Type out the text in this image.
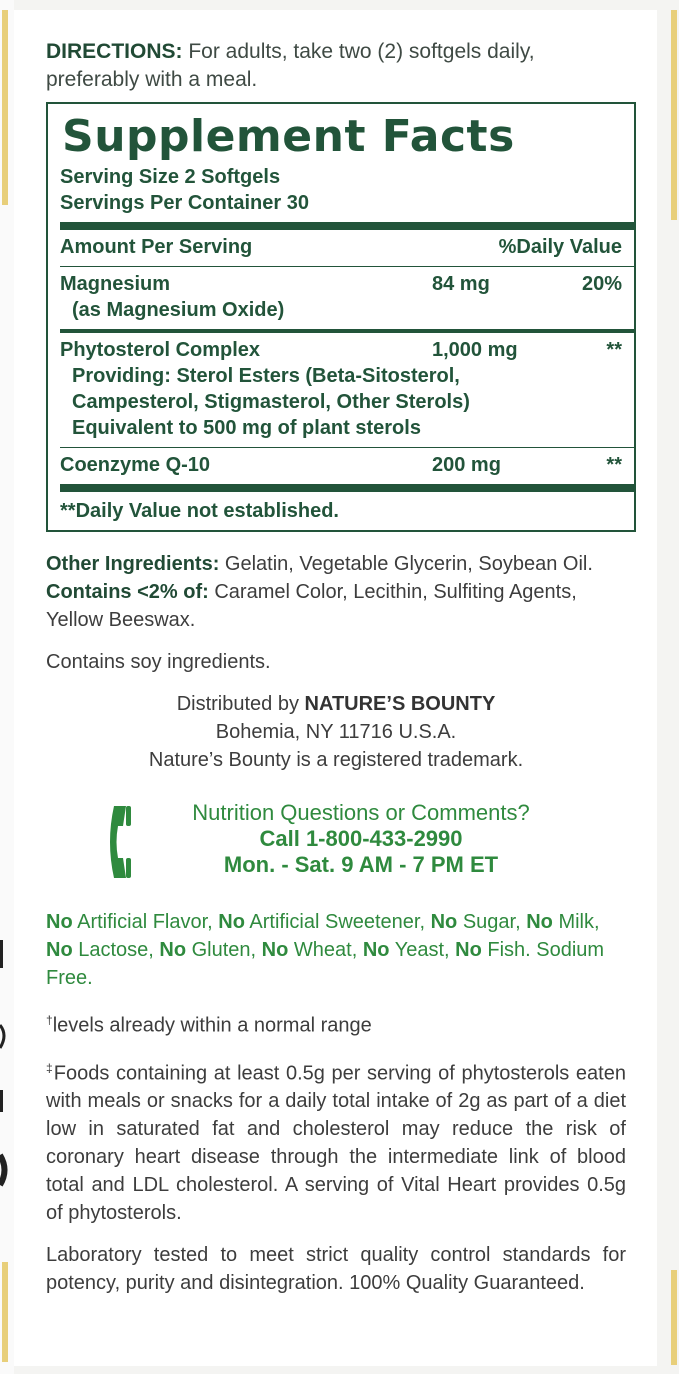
DIRECTIONS: For adults, take two (2) softgels daily, preferably with a meal.

Supplement Facts
Serving Size 2 Softgels
Servings Per Container 30
Amount Per Serving	%Daily Value
Magnesium	84 mg	20%
(as Magnesium Oxide)
Phytosterol Complex	1,000 mg	**
Providing: Sterol Esters (Beta-Sitosterol,
Campesterol, Stigmasterol, Other Sterols)
Equivalent to 500 mg of plant sterols
Coenzyme Q-10	200 mg	**
**Daily Value not established.
Other Ingredients: Gelatin, Vegetable Glycerin, Soybean Oil.
Contains <2% of: Caramel Color, Lecithin, Sulfiting Agents, Yellow Beeswax.
Contains soy ingredients.
Distributed by NATURE’S BOUNTY
Bohemia, NY 11716 U.S.A.
Nature’s Bounty is a registered trademark.
Nutrition Questions or Comments?
Call 1-800-433-2990
Mon. - Sat. 9 AM - 7 PM ET
No Artificial Flavor, No Artificial Sweetener, No Sugar, No Milk, No Lactose, No Gluten, No Wheat, No Yeast, No Fish. Sodium Free.
†levels already within a normal range
‡Foods containing at least 0.5g per serving of phytosterols eaten with meals or snacks for a daily total intake of 2g as part of a diet low in saturated fat and cholesterol may reduce the risk of coronary heart disease through the intermediate link of blood total and LDL cholesterol. A serving of Vital Heart provides 0.5g of phytosterols.
Laboratory tested to meet strict quality control standards for potency, purity and disintegration. 100% Quality Guaranteed.
